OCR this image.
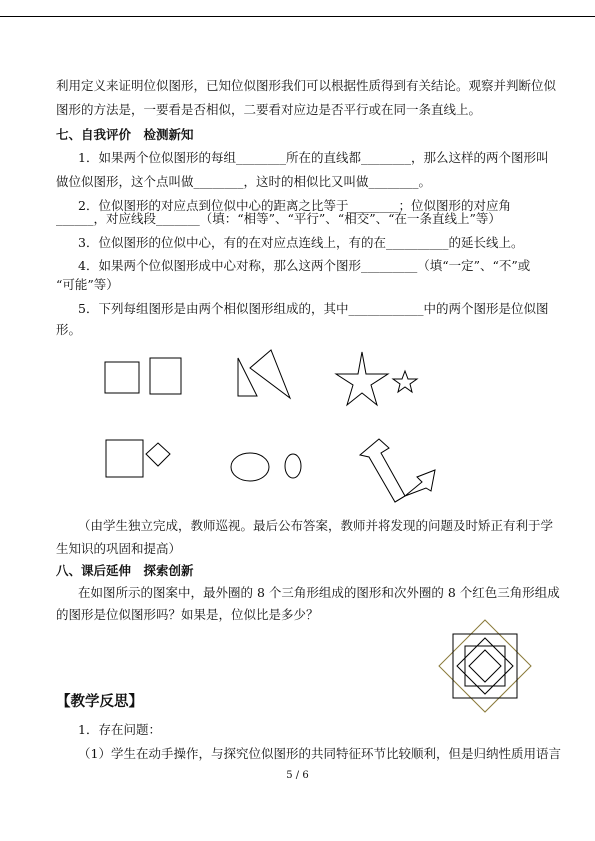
利用定义来证明位似图形，已知位似图形我们可以根据性质得到有关结论。观察并判断位似
图形的方法是，一要看是否相似，二要看对应边是否平行或在同一条直线上。
七、自我评价　检测新知
1．如果两个位似图形的每组________所在的直线都________，那么这样的两个图形叫
做位似图形，这个点叫做________，这时的相似比又叫做________。
2．位似图形的对应点到位似中心的距离之比等于________；位似图形的对应角
______，对应线段_______（填：“相等”、“平行”、“相交”、“在一条直线上”等）
3．位似图形的位似中心，有的在对应点连线上，有的在__________的延长线上。
4．如果两个位似图形成中心对称，那么这两个图形_________（填“一定”、“不”或
“可能”等）
5．下列每组图形是由两个相似图形组成的，其中____________中的两个图形是位似图
形。
（由学生独立完成，教师巡视。最后公布答案，教师并将发现的问题及时矫正有利于学
生知识的巩固和提高）
八、课后延伸　探索创新
在如图所示的图案中，最外圈的 8 个三角形组成的图形和次外圈的 8 个红色三角形组成
的图形是位似图形吗？如果是，位似比是多少？
【教学反思】
1．存在问题：
（1）学生在动手操作，与探究位似图形的共同特征环节比较顺利，但是归纳性质用语言
5 / 6
